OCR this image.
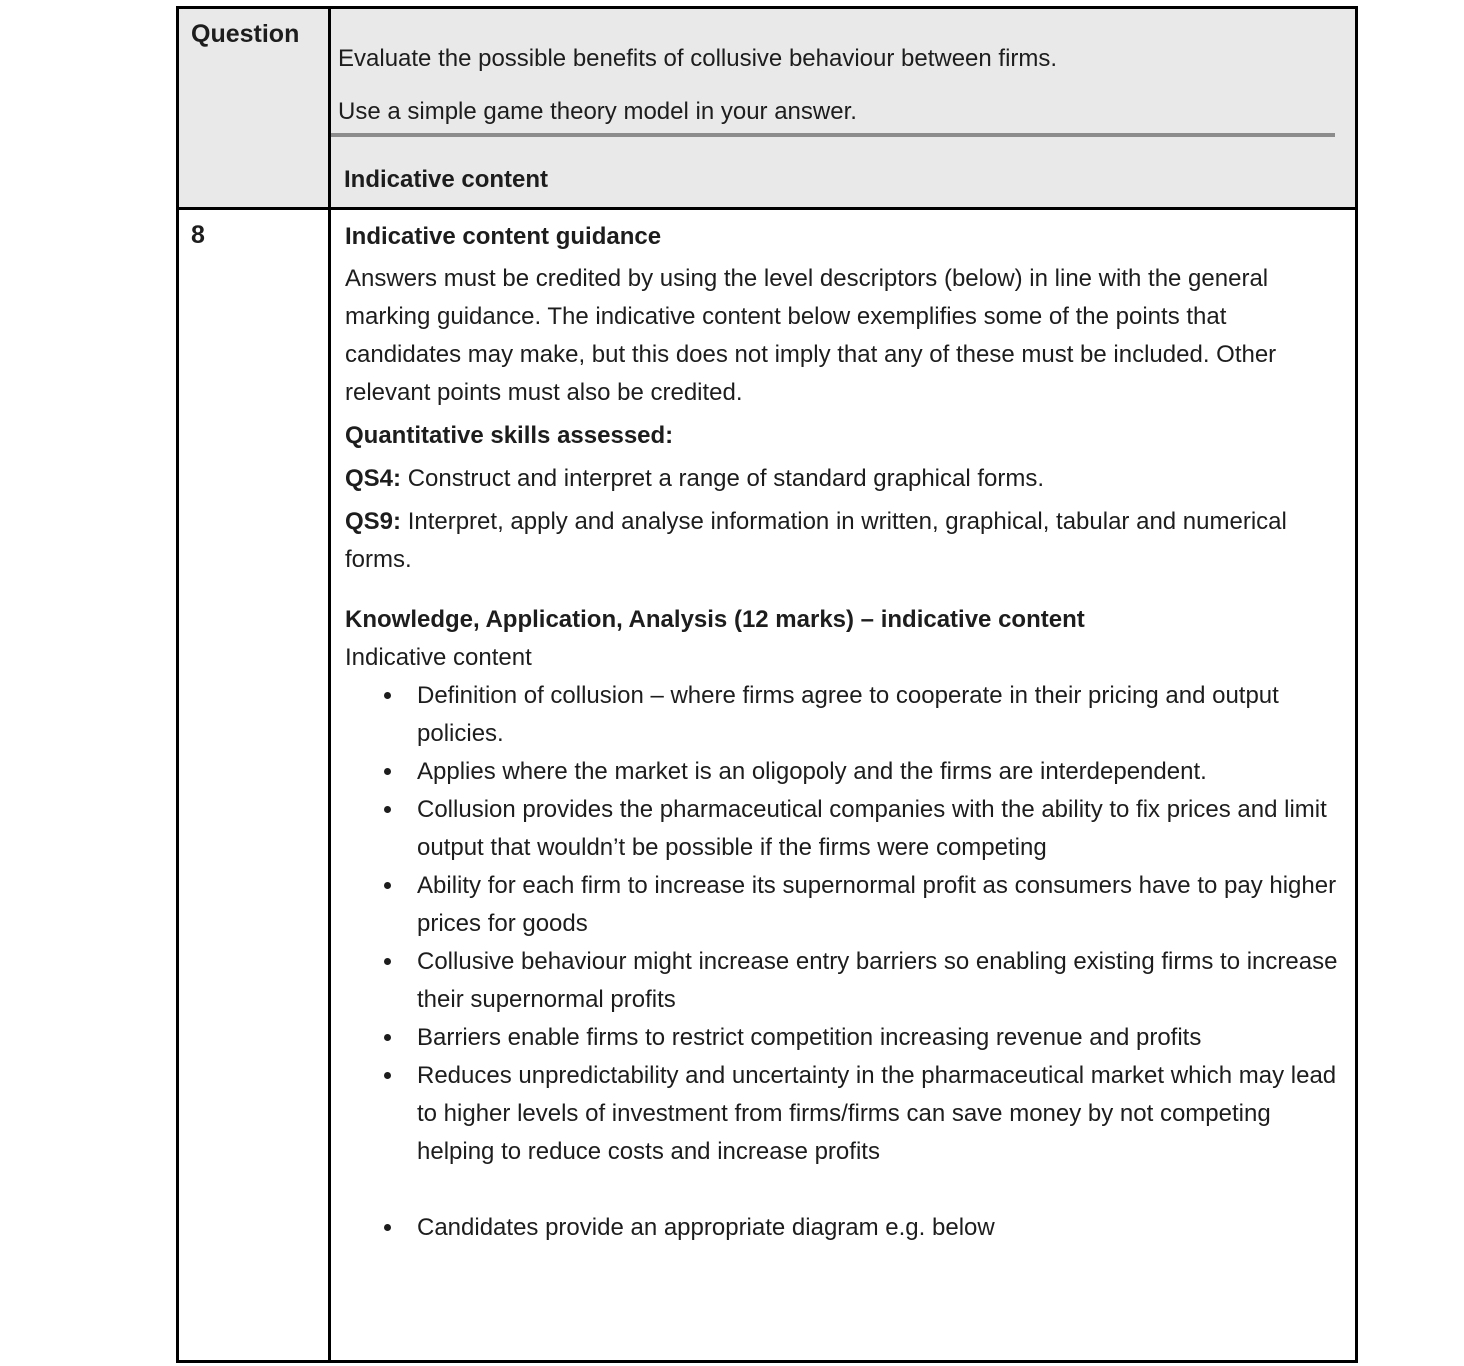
Question

Evaluate the possible benefits of collusive behaviour between firms.

Use a simple game theory model in your answer.

Indicative content

8	Indicative content guidance

Answers must be credited by using the level descriptors (below) in line with the general marking guidance. The indicative content below exemplifies some of the points that candidates may make, but this does not imply that any of these must be included. Other relevant points must also be credited.

Quantitative skills assessed:

QS4: Construct and interpret a range of standard graphical forms.

QS9: Interpret, apply and analyse information in written, graphical, tabular and numerical forms.

Knowledge, Application, Analysis (12 marks) – indicative content

Indicative content

• Definition of collusion – where firms agree to cooperate in their pricing and output policies.
• Applies where the market is an oligopoly and the firms are interdependent.
• Collusion provides the pharmaceutical companies with the ability to fix prices and limit output that wouldn’t be possible if the firms were competing
• Ability for each firm to increase its supernormal profit as consumers have to pay higher prices for goods
• Collusive behaviour might increase entry barriers so enabling existing firms to increase their supernormal profits
• Barriers enable firms to restrict competition increasing revenue and profits
• Reduces unpredictability and uncertainty in the pharmaceutical market which may lead to higher levels of investment from firms/firms can save money by not competing helping to reduce costs and increase profits
• Candidates provide an appropriate diagram e.g. below
